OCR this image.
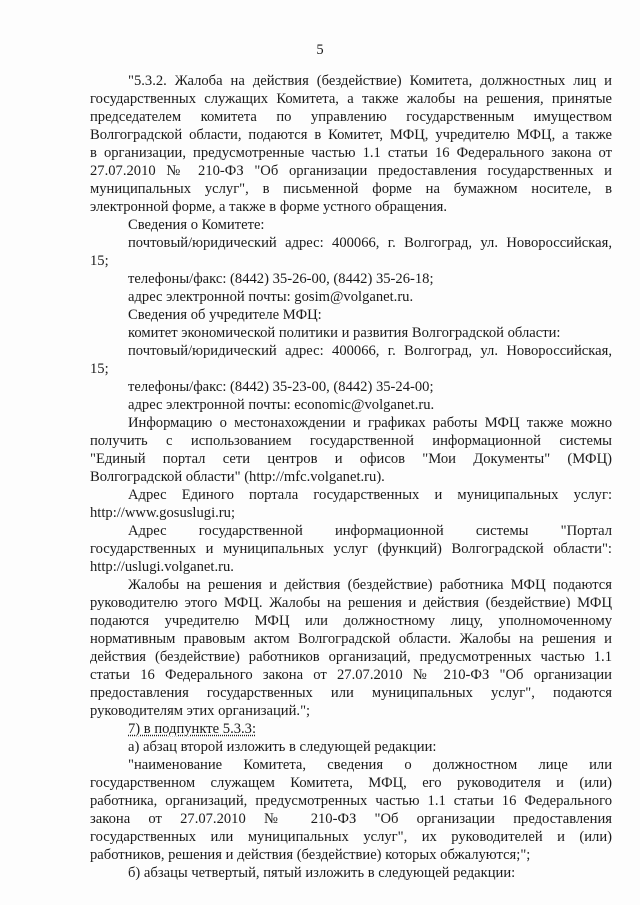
5
"5.3.2. Жалоба на действия (бездействие) Комитета, должностных лиц и
государственных служащих Комитета, а также жалобы на решения, принятые
председателем комитета по управлению государственным имуществом
Волгоградской области, подаются в Комитет, МФЦ, учредителю МФЦ, а также
в организации, предусмотренные частью 1.1 статьи 16 Федерального закона от
27.07.2010 № 210-ФЗ "Об организации предоставления государственных и
муниципальных услуг", в письменной форме на бумажном носителе, в
электронной форме, а также в форме устного обращения.
Сведения о Комитете:
почтовый/юридический адрес: 400066, г. Волгоград, ул. Новороссийская,
15;
телефоны/факс: (8442) 35-26-00, (8442) 35-26-18;
адрес электронной почты: gosim@volganet.ru.
Сведения об учредителе МФЦ:
комитет экономической политики и развития Волгоградской области:
почтовый/юридический адрес: 400066, г. Волгоград, ул. Новороссийская,
15;
телефоны/факс: (8442) 35-23-00, (8442) 35-24-00;
адрес электронной почты: economic@volganet.ru.
Информацию о местонахождении и графиках работы МФЦ также можно
получить с использованием государственной информационной системы
"Единый портал сети центров и офисов "Мои Документы" (МФЦ)
Волгоградской области" (http://mfc.volganet.ru).
Адрес Единого портала государственных и муниципальных услуг:
http://www.gosuslugi.ru;
Адрес государственной информационной системы "Портал
государственных и муниципальных услуг (функций) Волгоградской области":
http://uslugi.volganet.ru.
Жалобы на решения и действия (бездействие) работника МФЦ подаются
руководителю этого МФЦ. Жалобы на решения и действия (бездействие) МФЦ
подаются учредителю МФЦ или должностному лицу, уполномоченному
нормативным правовым актом Волгоградской области. Жалобы на решения и
действия (бездействие) работников организаций, предусмотренных частью 1.1
статьи 16 Федерального закона от 27.07.2010 № 210-ФЗ "Об организации
предоставления государственных или муниципальных услуг", подаются
руководителям этих организаций.";
7) в подпункте 5.3.3:
а) абзац второй изложить в следующей редакции:
"наименование Комитета, сведения о должностном лице или
государственном служащем Комитета, МФЦ, его руководителя и (или)
работника, организаций, предусмотренных частью 1.1 статьи 16 Федерального
закона от 27.07.2010 № 210-ФЗ "Об организации предоставления
государственных или муниципальных услуг", их руководителей и (или)
работников, решения и действия (бездействие) которых обжалуются;";
б) абзацы четвертый, пятый изложить в следующей редакции:
